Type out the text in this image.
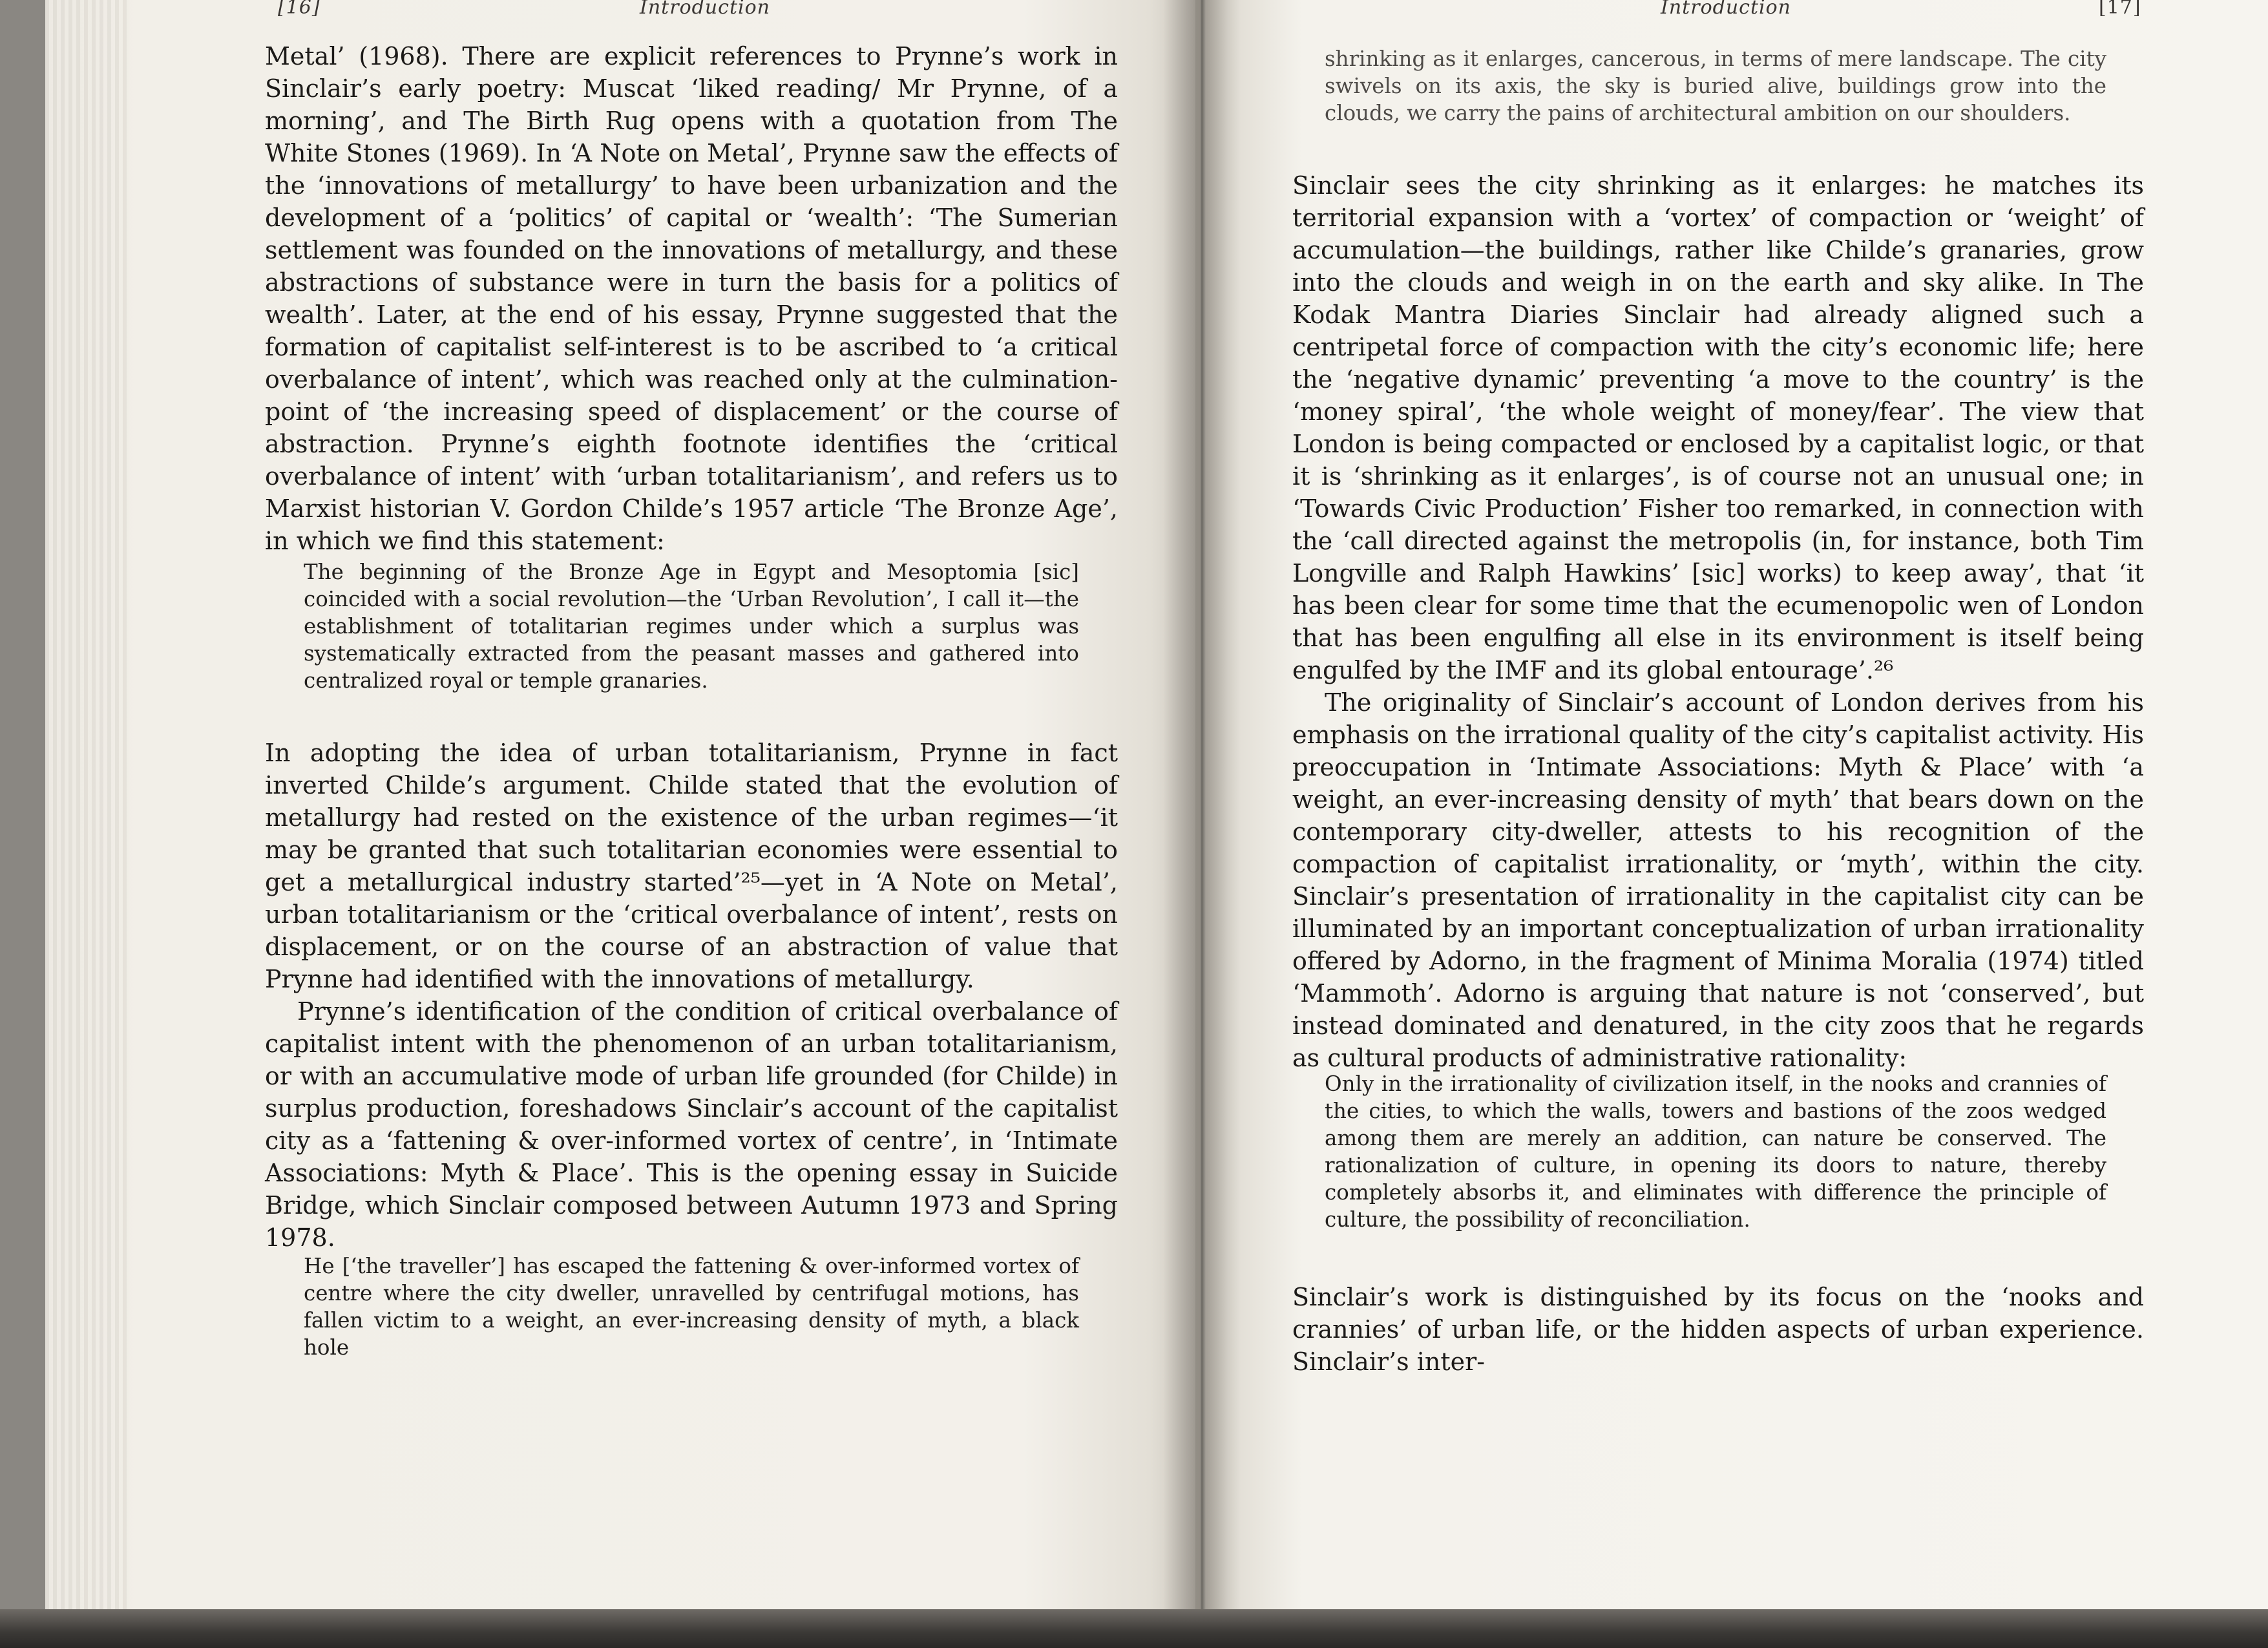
[16]	Introduction	Introduction	[17]

Metal’ (1968). There are explicit references to Prynne’s work in Sinclair’s early poetry: Muscat ‘liked reading/ Mr Prynne, of a morning’, and The Birth Rug opens with a quotation from The White Stones (1969). In ‘A Note on Metal’, Prynne saw the effects of the ‘innovations of metallurgy’ to have been urbanization and the development of a ‘politics’ of capital or ‘wealth’: ‘The Sumerian settlement was founded on the innovations of metallurgy, and these abstractions of substance were in turn the basis for a politics of wealth’. Later, at the end of his essay, Prynne suggested that the formation of capitalist self-interest is to be ascribed to ‘a critical overbalance of intent’, which was reached only at the culmination-point of ‘the increasing speed of displacement’ or the course of abstraction. Prynne’s eighth footnote identifies the ‘critical overbalance of intent’ with ‘urban totalitarianism’, and refers us to Marxist historian V. Gordon Childe’s 1957 article ‘The Bronze Age’, in which we find this statement:

The beginning of the Bronze Age in Egypt and Mesoptomia [sic] coincided with a social revolution—the ‘Urban Revolution’, I call it—the establishment of totalitarian regimes under which a surplus was systematically extracted from the peasant masses and gathered into centralized royal or temple granaries.

In adopting the idea of urban totalitarianism, Prynne in fact inverted Childe’s argument. Childe stated that the evolution of metallurgy had rested on the existence of the urban regimes—‘it may be granted that such totalitarian economies were essential to get a metallurgical industry started’²⁵—yet in ‘A Note on Metal’, urban totalitarianism or the ‘critical overbalance of intent’, rests on displacement, or on the course of an abstraction of value that Prynne had identified with the innovations of metallurgy.
Prynne’s identification of the condition of critical overbalance of capitalist intent with the phenomenon of an urban totalitarianism, or with an accumulative mode of urban life grounded (for Childe) in surplus production, foreshadows Sinclair’s account of the capitalist city as a ‘fattening & over-informed vortex of centre’, in ‘Intimate Associations: Myth & Place’. This is the opening essay in Suicide Bridge, which Sinclair composed between Autumn 1973 and Spring 1978.

He [‘the traveller’] has escaped the fattening & over-informed vortex of centre where the city dweller, unravelled by centrifugal motions, has fallen victim to a weight, an ever-increasing density of myth, a black hole

shrinking as it enlarges, cancerous, in terms of mere landscape. The city swivels on its axis, the sky is buried alive, buildings grow into the clouds, we carry the pains of architectural ambition on our shoulders.

Sinclair sees the city shrinking as it enlarges: he matches its territorial expansion with a ‘vortex’ of compaction or ‘weight’ of accumulation—the buildings, rather like Childe’s granaries, grow into the clouds and weigh in on the earth and sky alike. In The Kodak Mantra Diaries Sinclair had already aligned such a centripetal force of compaction with the city’s economic life; here the ‘negative dynamic’ preventing ‘a move to the country’ is the ‘money spiral’, ‘the whole weight of money/fear’. The view that London is being compacted or enclosed by a capitalist logic, or that it is ‘shrinking as it enlarges’, is of course not an unusual one; in ‘Towards Civic Production’ Fisher too remarked, in connection with the ‘call directed against the metropolis (in, for instance, both Tim Longville and Ralph Hawkins’ [sic] works) to keep away’, that ‘it has been clear for some time that the ecumenopolic wen of London that has been engulfing all else in its environment is itself being engulfed by the IMF and its global entourage’.²⁶
The originality of Sinclair’s account of London derives from his emphasis on the irrational quality of the city’s capitalist activity. His preoccupation in ‘Intimate Associations: Myth & Place’ with ‘a weight, an ever-increasing density of myth’ that bears down on the contemporary city-dweller, attests to his recognition of the compaction of capitalist irrationality, or ‘myth’, within the city. Sinclair’s presentation of irrationality in the capitalist city can be illuminated by an important conceptualization of urban irrationality offered by Adorno, in the fragment of Minima Moralia (1974) titled ‘Mammoth’. Adorno is arguing that nature is not ‘conserved’, but instead dominated and denatured, in the city zoos that he regards as cultural products of administrative rationality:

Only in the irrationality of civilization itself, in the nooks and crannies of the cities, to which the walls, towers and bastions of the zoos wedged among them are merely an addition, can nature be conserved. The rationalization of culture, in opening its doors to nature, thereby completely absorbs it, and eliminates with difference the principle of culture, the possibility of reconciliation.

Sinclair’s work is distinguished by its focus on the ‘nooks and crannies’ of urban life, or the hidden aspects of urban experience. Sinclair’s inter-
